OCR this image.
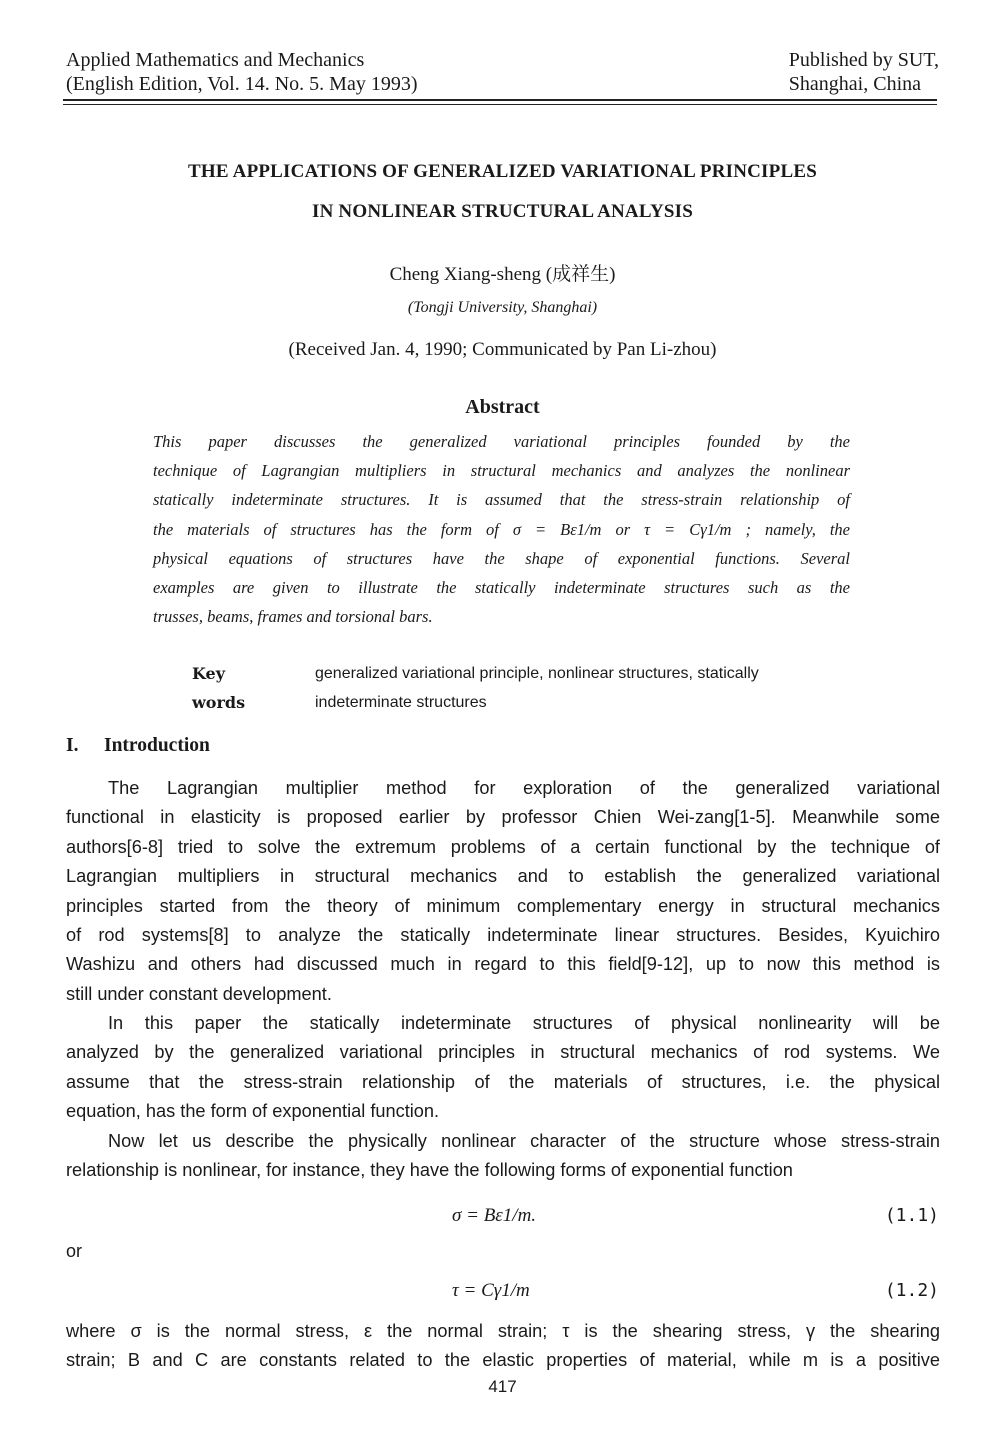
Applied Mathematics and Mechanics
(English Edition, Vol. 14. No. 5. May 1993)
Published by SUT,
Shanghai, China
THE APPLICATIONS OF GENERALIZED VARIATIONAL PRINCIPLES
IN NONLINEAR STRUCTURAL ANALYSIS
Cheng Xiang-sheng (成祥生)
(Tongji University, Shanghai)
(Received Jan. 4, 1990; Communicated by Pan Li-zhou)
Abstract
This paper discusses the generalized variational principles founded by the
technique of Lagrangian multipliers in structural mechanics and analyzes the nonlinear
statically indeterminate structures. It is assumed that the stress-strain relationship of
the materials of structures has the form of σ = Bε1/m or τ = Cγ1/m ; namely, the
physical equations of structures have the shape of exponential functions. Several
examples are given to illustrate the statically indeterminate structures such as the
trusses, beams, frames and torsional bars.
Key words
generalized variational principle, nonlinear structures, statically
indeterminate structures
I. Introduction
The Lagrangian multiplier method for exploration of the generalized variational
functional in elasticity is proposed earlier by professor Chien Wei-zang[1-5]. Meanwhile some
authors[6-8] tried to solve the extremum problems of a certain functional by the technique of
Lagrangian multipliers in structural mechanics and to establish the generalized variational
principles started from the theory of minimum complementary energy in structural mechanics
of rod systems[8] to analyze the statically indeterminate linear structures. Besides, Kyuichiro
Washizu and others had discussed much in regard to this field[9-12], up to now this method is
still under constant development.
In this paper the statically indeterminate structures of physical nonlinearity will be
analyzed by the generalized variational principles in structural mechanics of rod systems. We
assume that the stress-strain relationship of the materials of structures, i.e. the physical
equation, has the form of exponential function.
Now let us describe the physically nonlinear character of the structure whose stress-strain
relationship is nonlinear, for instance, they have the following forms of exponential function
σ = Bε1/m.	(1.1)
or
τ = Cγ1/m	(1.2)
where σ is the normal stress, ε the normal strain; τ is the shearing stress, γ the shearing
strain; B and C are constants related to the elastic properties of material, while m is a positive
417
